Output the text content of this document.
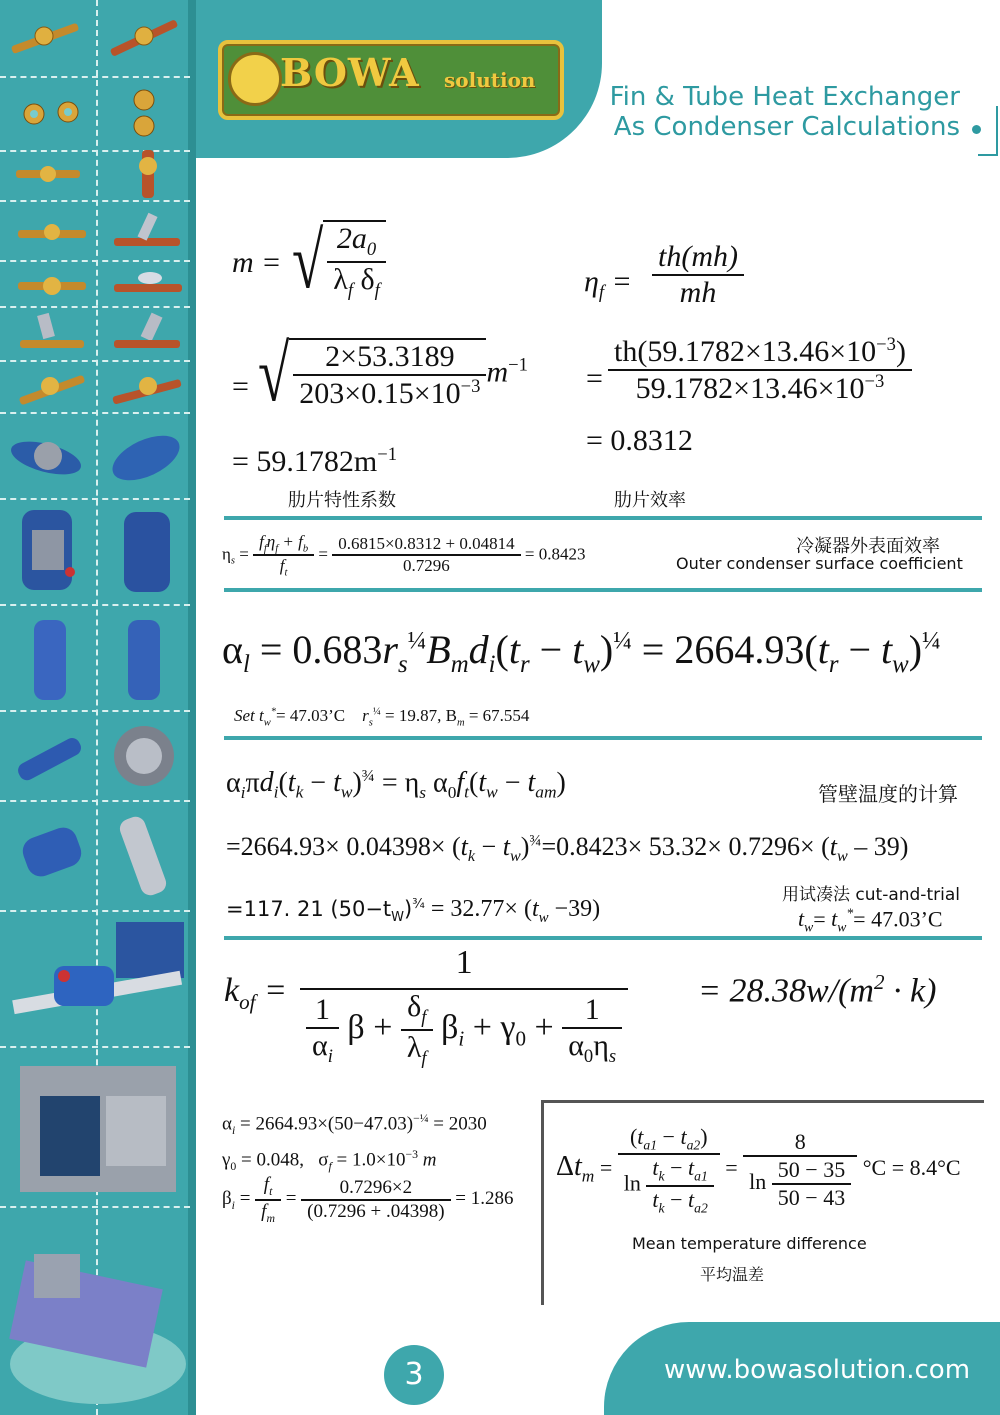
BOWA solution
Fin & Tube Heat Exchanger
As Condenser Calculations
m = √ $\frac{2a_0}{\lambda_f \delta_f}$
= √ $\frac{2\times 53.3189}{203\times 0.15\times 10^{-3}} m^{-1}$
= $59.1782m^{-1}$
肋片特性系数
$\eta_f = \frac{th(mh)}{mh}$
= $\frac{th(59.1782\times 13.46\times 10^{-3})}{59.1782\times 13.46\times 10^{-3}}$
= 0.8312
肋片效率
$\eta_s = \frac{f_f\eta_f + f_b}{f_t} = \frac{0.6815\times 0.8312 + 0.04814}{0.7296} = 0.8423$	冷凝器外表面效率
Outer condenser surface coefficient
$\alpha_l = 0.683r_s^{\frac{1}{4}}B_md_i(t_r - t_w)^{\frac{1}{4}} = 2664.93(t_r - t_w)^{\frac{1}{4}}$
Set $t_w^*=$ 47.03’C $r_s^{\frac{1}{4}} = 19.87$, $B_m = 67.554$
$\alpha_i\pi d_i(t_k - t_w)^{\frac{3}{4}} = \eta_s$ $\alpha_0f_t(t_w - t_{am})$	管壁温度的计算
$=2664.93\times 0.04398\times (t_k - t_w)^{\frac{3}{4}}=0.8423\times 53.32\times 0.7296\times (t_w - 39)$
=117. 21 $(50-t_W)^{\frac{3}{4}} = 32.77\times (t_w -39)$
用试凑法 cut-and-trial
$t_w= t_w^*=$ 47.03’C
$k_{of} = \frac{1}{\frac{1}{\alpha_i} \beta + \frac{\delta_f}{\lambda_f} \beta_i + \gamma_0 + \frac{1}{\alpha_0\eta_s}} = 28.38w/(m^2 \cdot k)$
$\alpha_i = 2664.93\times(50-47.03)^{-\frac{1}{4}} = 2030$
$\gamma_0 = 0.048$,   $\sigma_f = 1.0\times 10^{-3}$ m
$\beta_i = \frac{f_t}{f_m} = \frac{0.7296\times 2}{(0.7296 + .04398)} = 1.286$
$\Delta t_m = \frac{(t_{a1} - t_{a2})}{\ln \frac{t_k - t_{a1}}{t_k - t_{a2}}} = \frac{8}{\ln \frac{50 - 35}{50 - 43}} ^\circ C = 8.4^\circ C$
Mean temperature difference
平均温差
3	www.bowasolution.com
